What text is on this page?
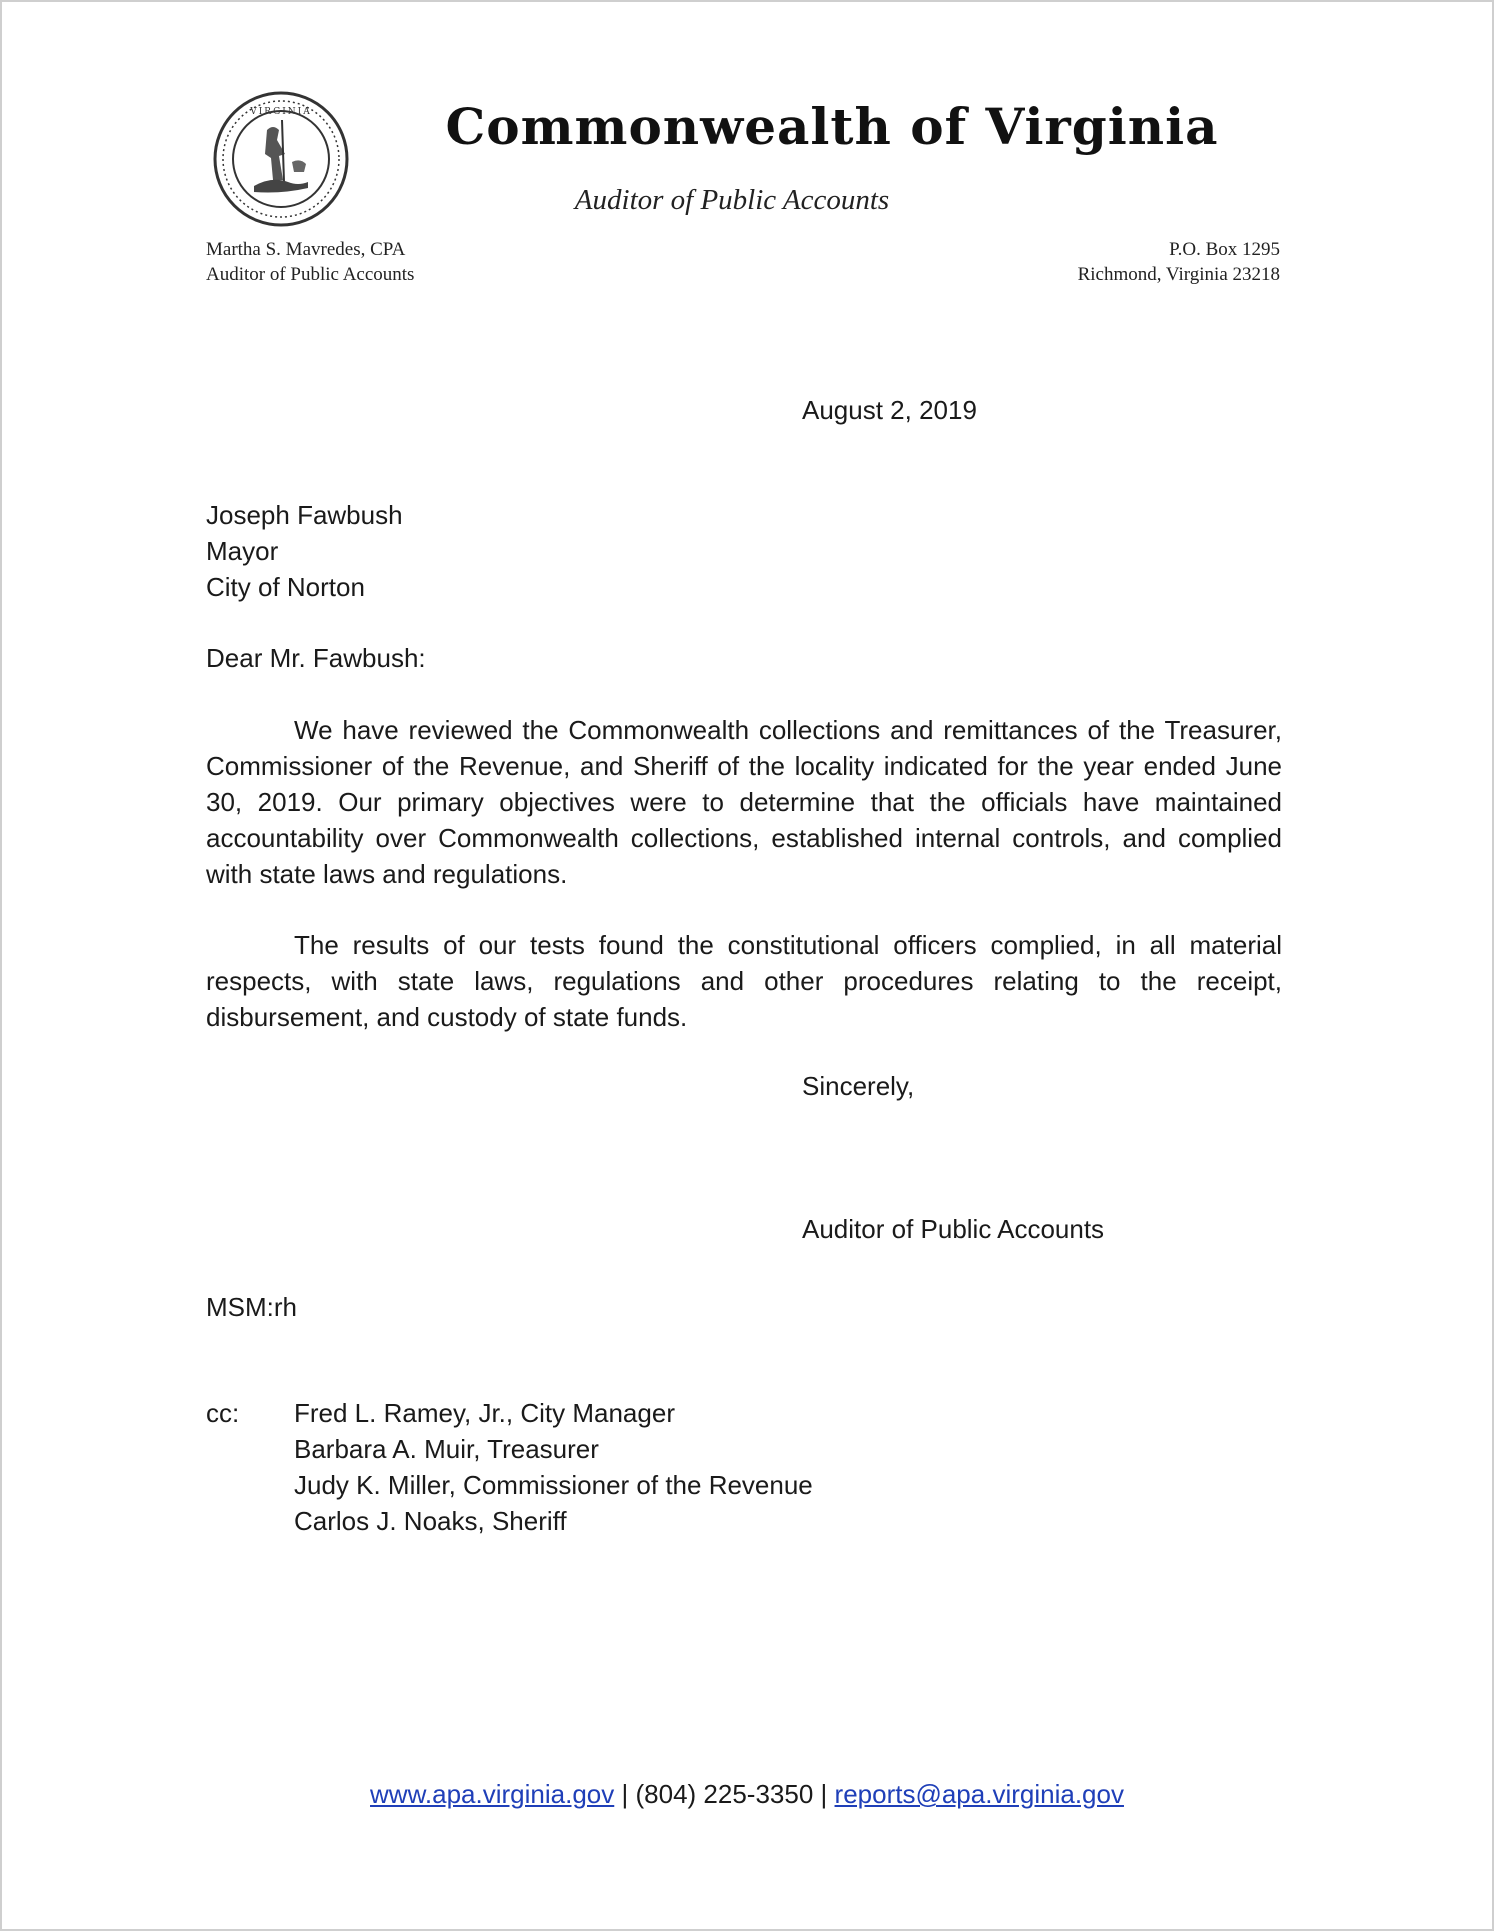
VIRGINIA	Commonwealth of Virginia
Auditor of Public Accounts
Martha S. Mavredes, CPA
Auditor of Public Accounts
P.O. Box 1295
Richmond, Virginia 23218
August 2, 2019
Joseph Fawbush
Mayor
City of Norton
Dear Mr. Fawbush:

We have reviewed the Commonwealth collections and remittances of the Treasurer, Commissioner of the Revenue, and Sheriff of the locality indicated for the year ended June 30, 2019. Our primary objectives were to determine that the officials have maintained accountability over Commonwealth collections, established internal controls, and complied with state laws and regulations.

The results of our tests found the constitutional officers complied, in all material respects, with state laws, regulations and other procedures relating to the receipt, disbursement, and custody of state funds.

Sincerely,
Auditor of Public Accounts
MSM:rh
cc: Fred L. Ramey, Jr., City Manager
Barbara A. Muir, Treasurer
Judy K. Miller, Commissioner of the Revenue
Carlos J. Noaks, Sheriff
www.apa.virginia.gov | (804) 225-3350 | reports@apa.virginia.gov
